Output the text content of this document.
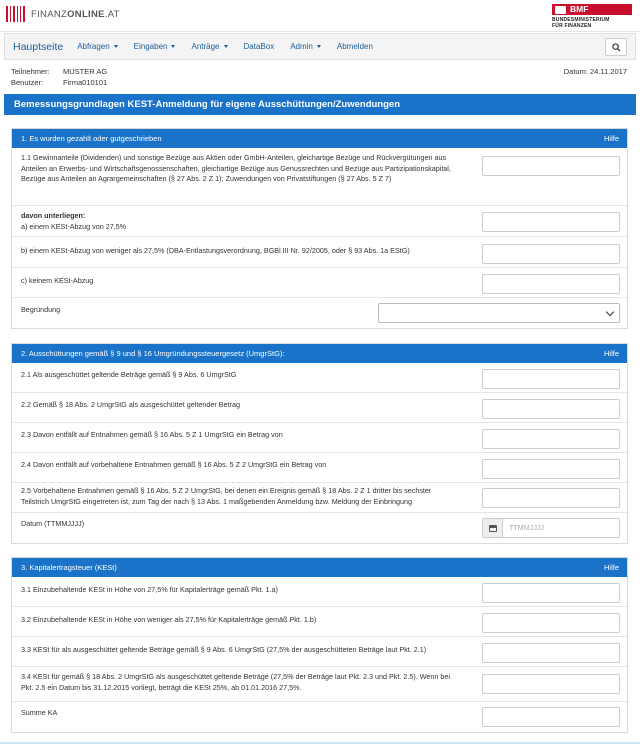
FINANZONLINE.AT	BMF
BUNDESMINISTERIUM
FÜR FINANZEN
Hauptseite Abfragen	Eingaben	Anträge	DataBox Admin	Abmelden
Teilnehmer:	MUSTER AG
Benutzer:	Firma010101
Datum: 24.11.2017
Bemessungsgrundlagen KEST-Anmeldung für eigene Ausschüttungen/Zuwendungen
1. Es wurden gezahlt oder gutgeschrieben	Hilfe
1.1 Gewinnanteile (Dividenden) und sonstige Bezüge aus Aktien oder GmbH-Anteilen, gleichartige Bezüge und Rückvergütungen aus Anteilen an Erwerbs- und Wirtschaftsgenossenschaften, gleichartige Bezüge aus Genussrechten und Bezüge aus Partizipationskapital, Bezüge aus Anteilen an Agrargemeinschaften (§ 27 Abs. 2 Z 1); Zuwendungen von Privatstiftungen (§ 27 Abs. 5 Z 7)
davon unterliegen:
a) einem KESt-Abzug von 27,5%
b) einem KESt-Abzug von weniger als 27,5% (DBA-Entlastungsverordnung, BGBl III Nr. 92/2005, oder § 93 Abs. 1a EStG)
c) keinem KESt-Abzug
Begründung
2. Ausschüttungen gemäß § 9 und § 16 Umgründungssteuergesetz (UmgrStG):	Hilfe
2.1 Als ausgeschüttet geltende Beträge gemäß § 9 Abs. 6 UmgrStG
2.2 Gemäß § 18 Abs. 2 UmgrStG als ausgeschüttet geltender Betrag
2.3 Davon entfällt auf Entnahmen gemäß § 16 Abs. 5 Z 1 UmgrStG ein Betrag von
2.4 Davon entfällt auf vorbehaltene Entnahmen gemäß § 16 Abs. 5 Z 2 UmgrStG ein Betrag von
2.5 Vorbehaltene Entnahmen gemäß § 16 Abs. 5 Z 2 UmgrStG, bei denen ein Ereignis gemäß § 18 Abs. 2 Z 1 dritter bis sechster Teilstrich UmgrStG eingetreten ist, zum Tag der nach § 13 Abs. 1 maßgebenden Anmeldung bzw. Meldung der Einbringung
Datum (TTMMJJJJ)	TTMMJJJJ
3. Kapitalertragsteuer (KESt)	Hilfe
3.1 Einzubehaltende KESt in Höhe von 27,5% für Kapitalerträge gemäß Pkt. 1.a)
3.2 Einzubehaltende KESt in Höhe von weniger als 27,5% für Kapitalerträge gemäß Pkt. 1.b)
3.3 KESt für als ausgeschüttet geltende Beträge gemäß § 9 Abs. 6 UmgrStG (27,5% der ausgeschütteten Beträge laut Pkt. 2.1)
3.4 KESt für gemäß § 18 Abs. 2 UmgrStG als ausgeschüttet geltende Beträge (27,5% der Beträge laut Pkt. 2.3 und Pkt. 2.5). Wenn bei Pkt. 2.5 ein Datum bis 31.12.2015 vorliegt, beträgt die KESt 25%, ab 01.01.2016 27,5%.
Summe KA
